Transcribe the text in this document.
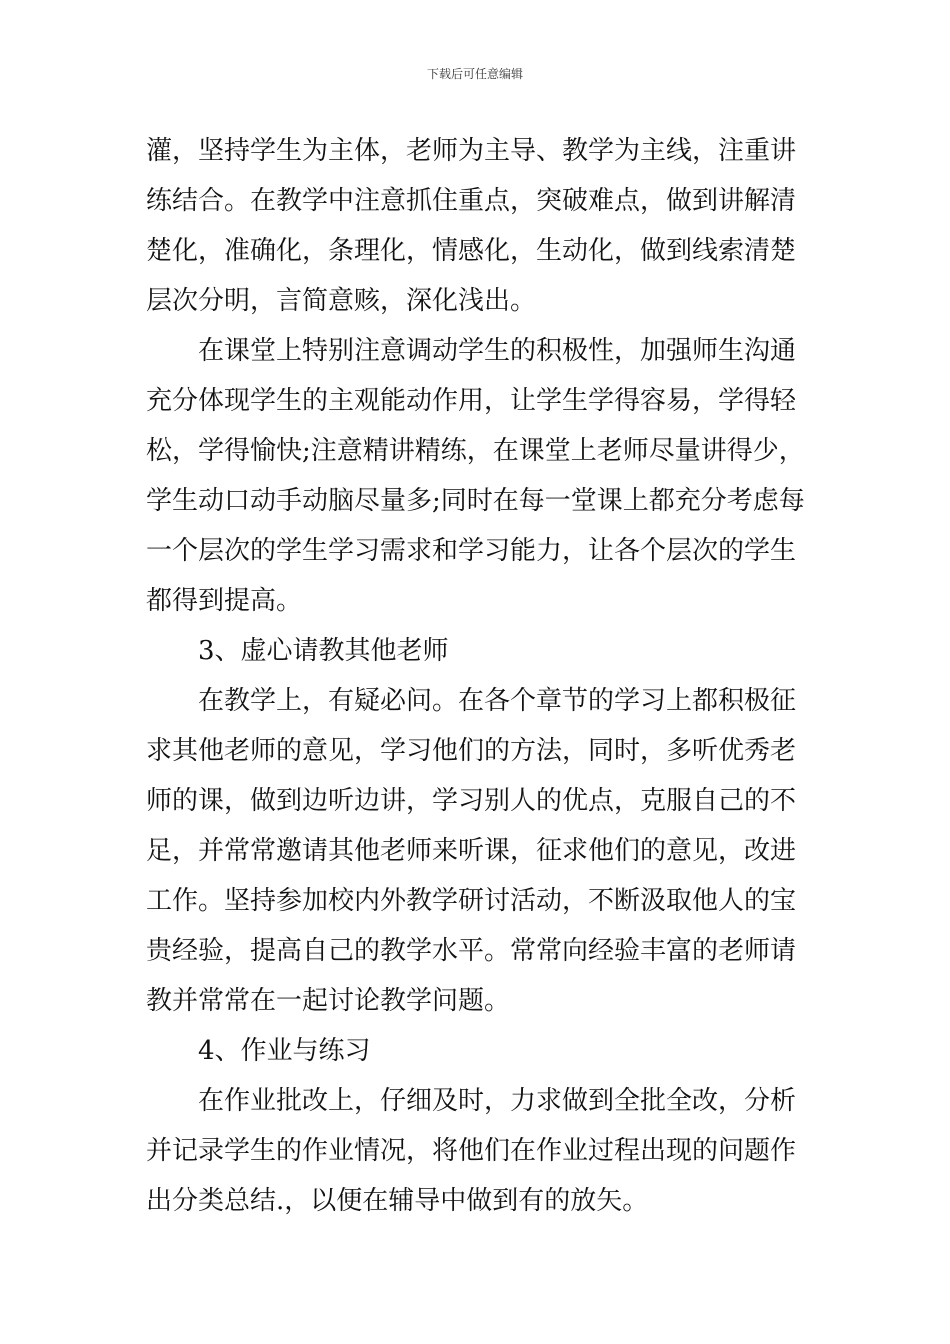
下载后可任意编辑

灌，坚持学生为主体，老师为主导、教学为主线，注重讲
练结合。在教学中注意抓住重点，突破难点，做到讲解清
楚化，准确化，条理化，情感化，生动化，做到线索清楚
层次分明，言简意赅，深化浅出。

　　在课堂上特别注意调动学生的积极性，加强师生沟通
充分体现学生的主观能动作用，让学生学得容易，学得轻
松，学得愉快;注意精讲精练，在课堂上老师尽量讲得少，
学生动口动手动脑尽量多;同时在每一堂课上都充分考虑每
一个层次的学生学习需求和学习能力，让各个层次的学生
都得到提高。

　　3、虚心请教其他老师

　　在教学上，有疑必问。在各个章节的学习上都积极征
求其他老师的意见，学习他们的方法，同时，多听优秀老
师的课，做到边听边讲，学习别人的优点，克服自己的不
足，并常常邀请其他老师来听课，征求他们的意见，改进
工作。坚持参加校内外教学研讨活动，不断汲取他人的宝
贵经验，提高自己的教学水平。常常向经验丰富的老师请
教并常常在一起讨论教学问题。

　　4、作业与练习

　　在作业批改上，仔细及时，力求做到全批全改，分析
并记录学生的作业情况，将他们在作业过程出现的问题作
出分类总结.，以便在辅导中做到有的放矢。
